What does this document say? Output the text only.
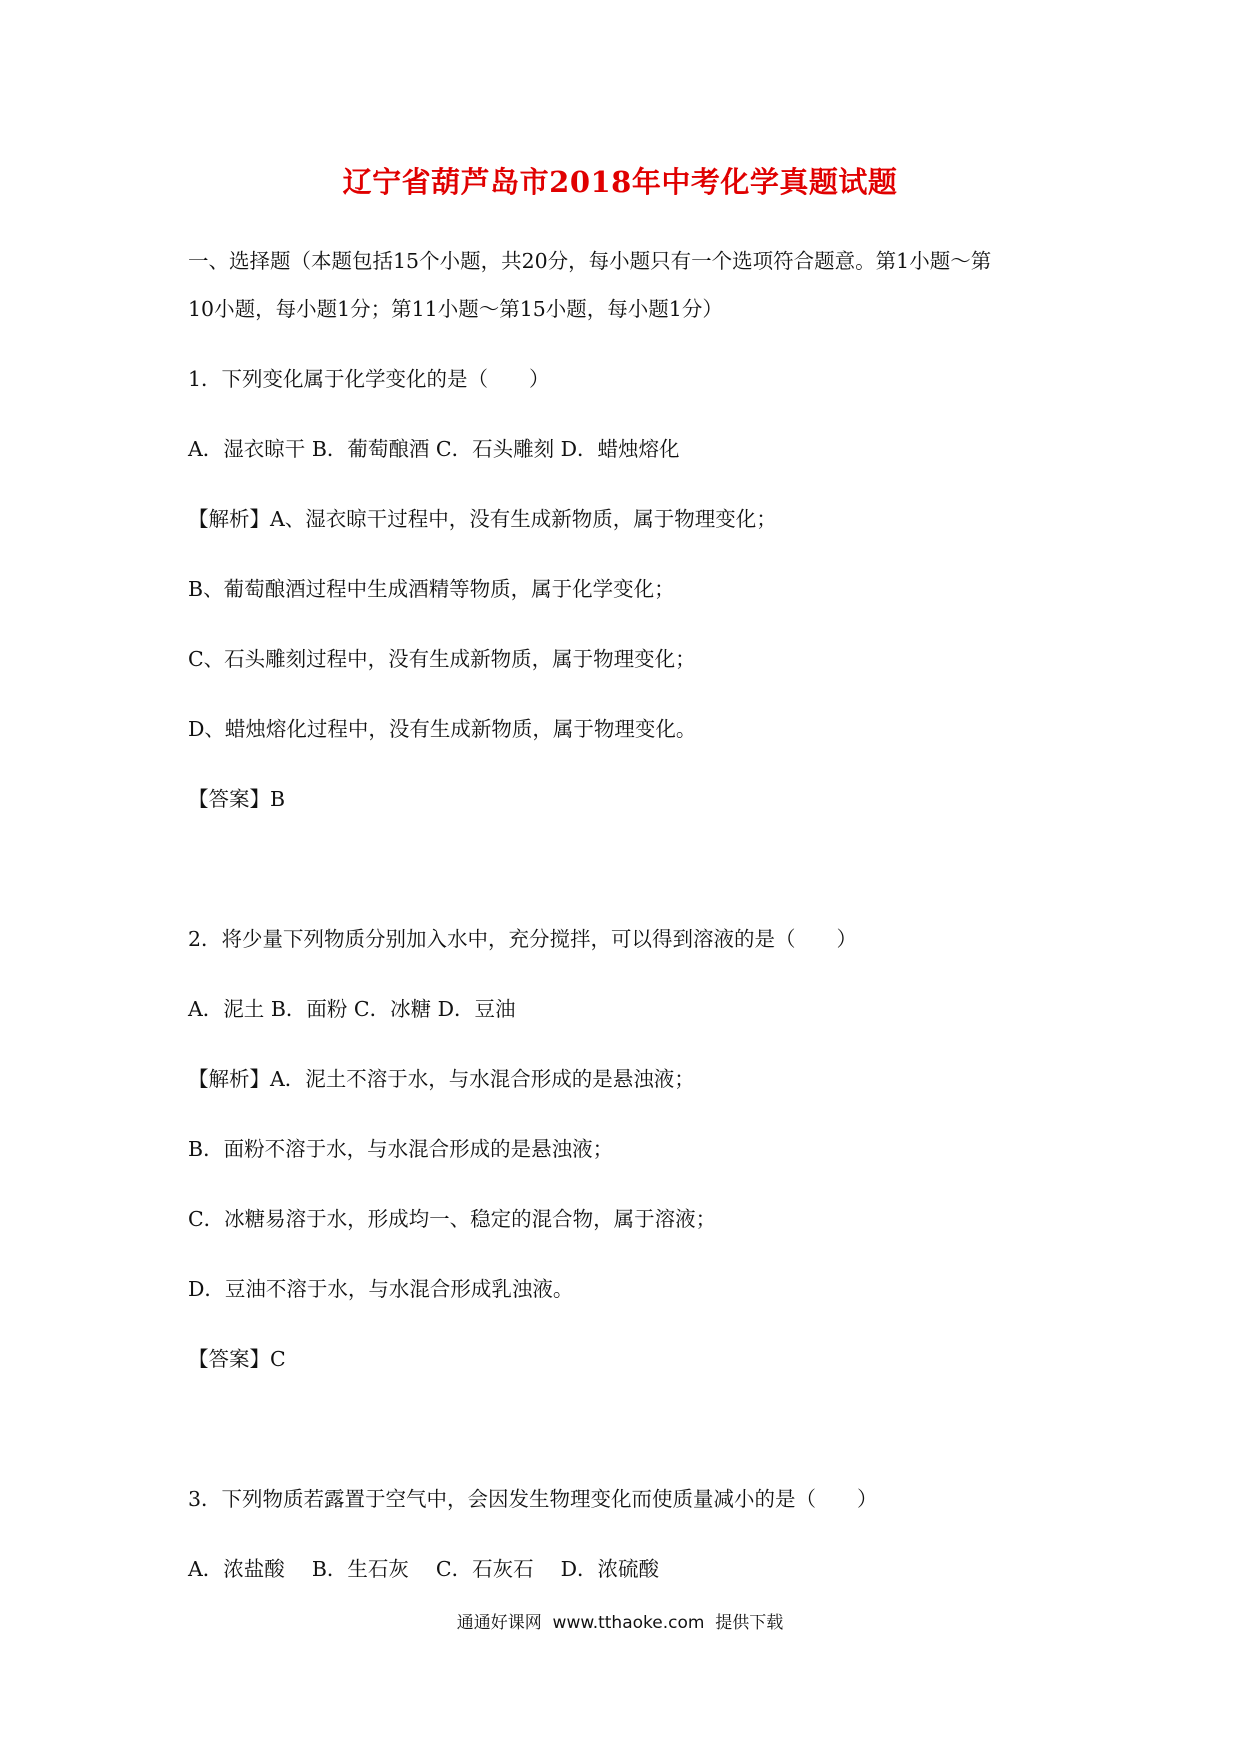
辽宁省葫芦岛市2018年中考化学真题试题
一、选择题（本题包括15个小题，共20分，每小题只有一个选项符合题意。第1小题～第
10小题，每小题1分；第11小题～第15小题，每小题1分）
1．下列变化属于化学变化的是（　　）
A．湿衣晾干 B．葡萄酿酒 C．石头雕刻 D．蜡烛熔化
【解析】A、湿衣晾干过程中，没有生成新物质，属于物理变化；
B、葡萄酿酒过程中生成酒精等物质，属于化学变化；
C、石头雕刻过程中，没有生成新物质，属于物理变化；
D、蜡烛熔化过程中，没有生成新物质，属于物理变化。
【答案】B
2．将少量下列物质分别加入水中，充分搅拌，可以得到溶液的是（　　）
A．泥土 B．面粉 C．冰糖 D．豆油
【解析】A．泥土不溶于水，与水混合形成的是悬浊液；
B．面粉不溶于水，与水混合形成的是悬浊液；
C．冰糖易溶于水，形成均一、稳定的混合物，属于溶液；
D．豆油不溶于水，与水混合形成乳浊液。
【答案】C
3．下列物质若露置于空气中，会因发生物理变化而使质量减小的是（　　）
A．浓盐酸　 B．生石灰　 C．石灰石　 D．浓硫酸
通通好课网  www.tthaoke.com  提供下载
